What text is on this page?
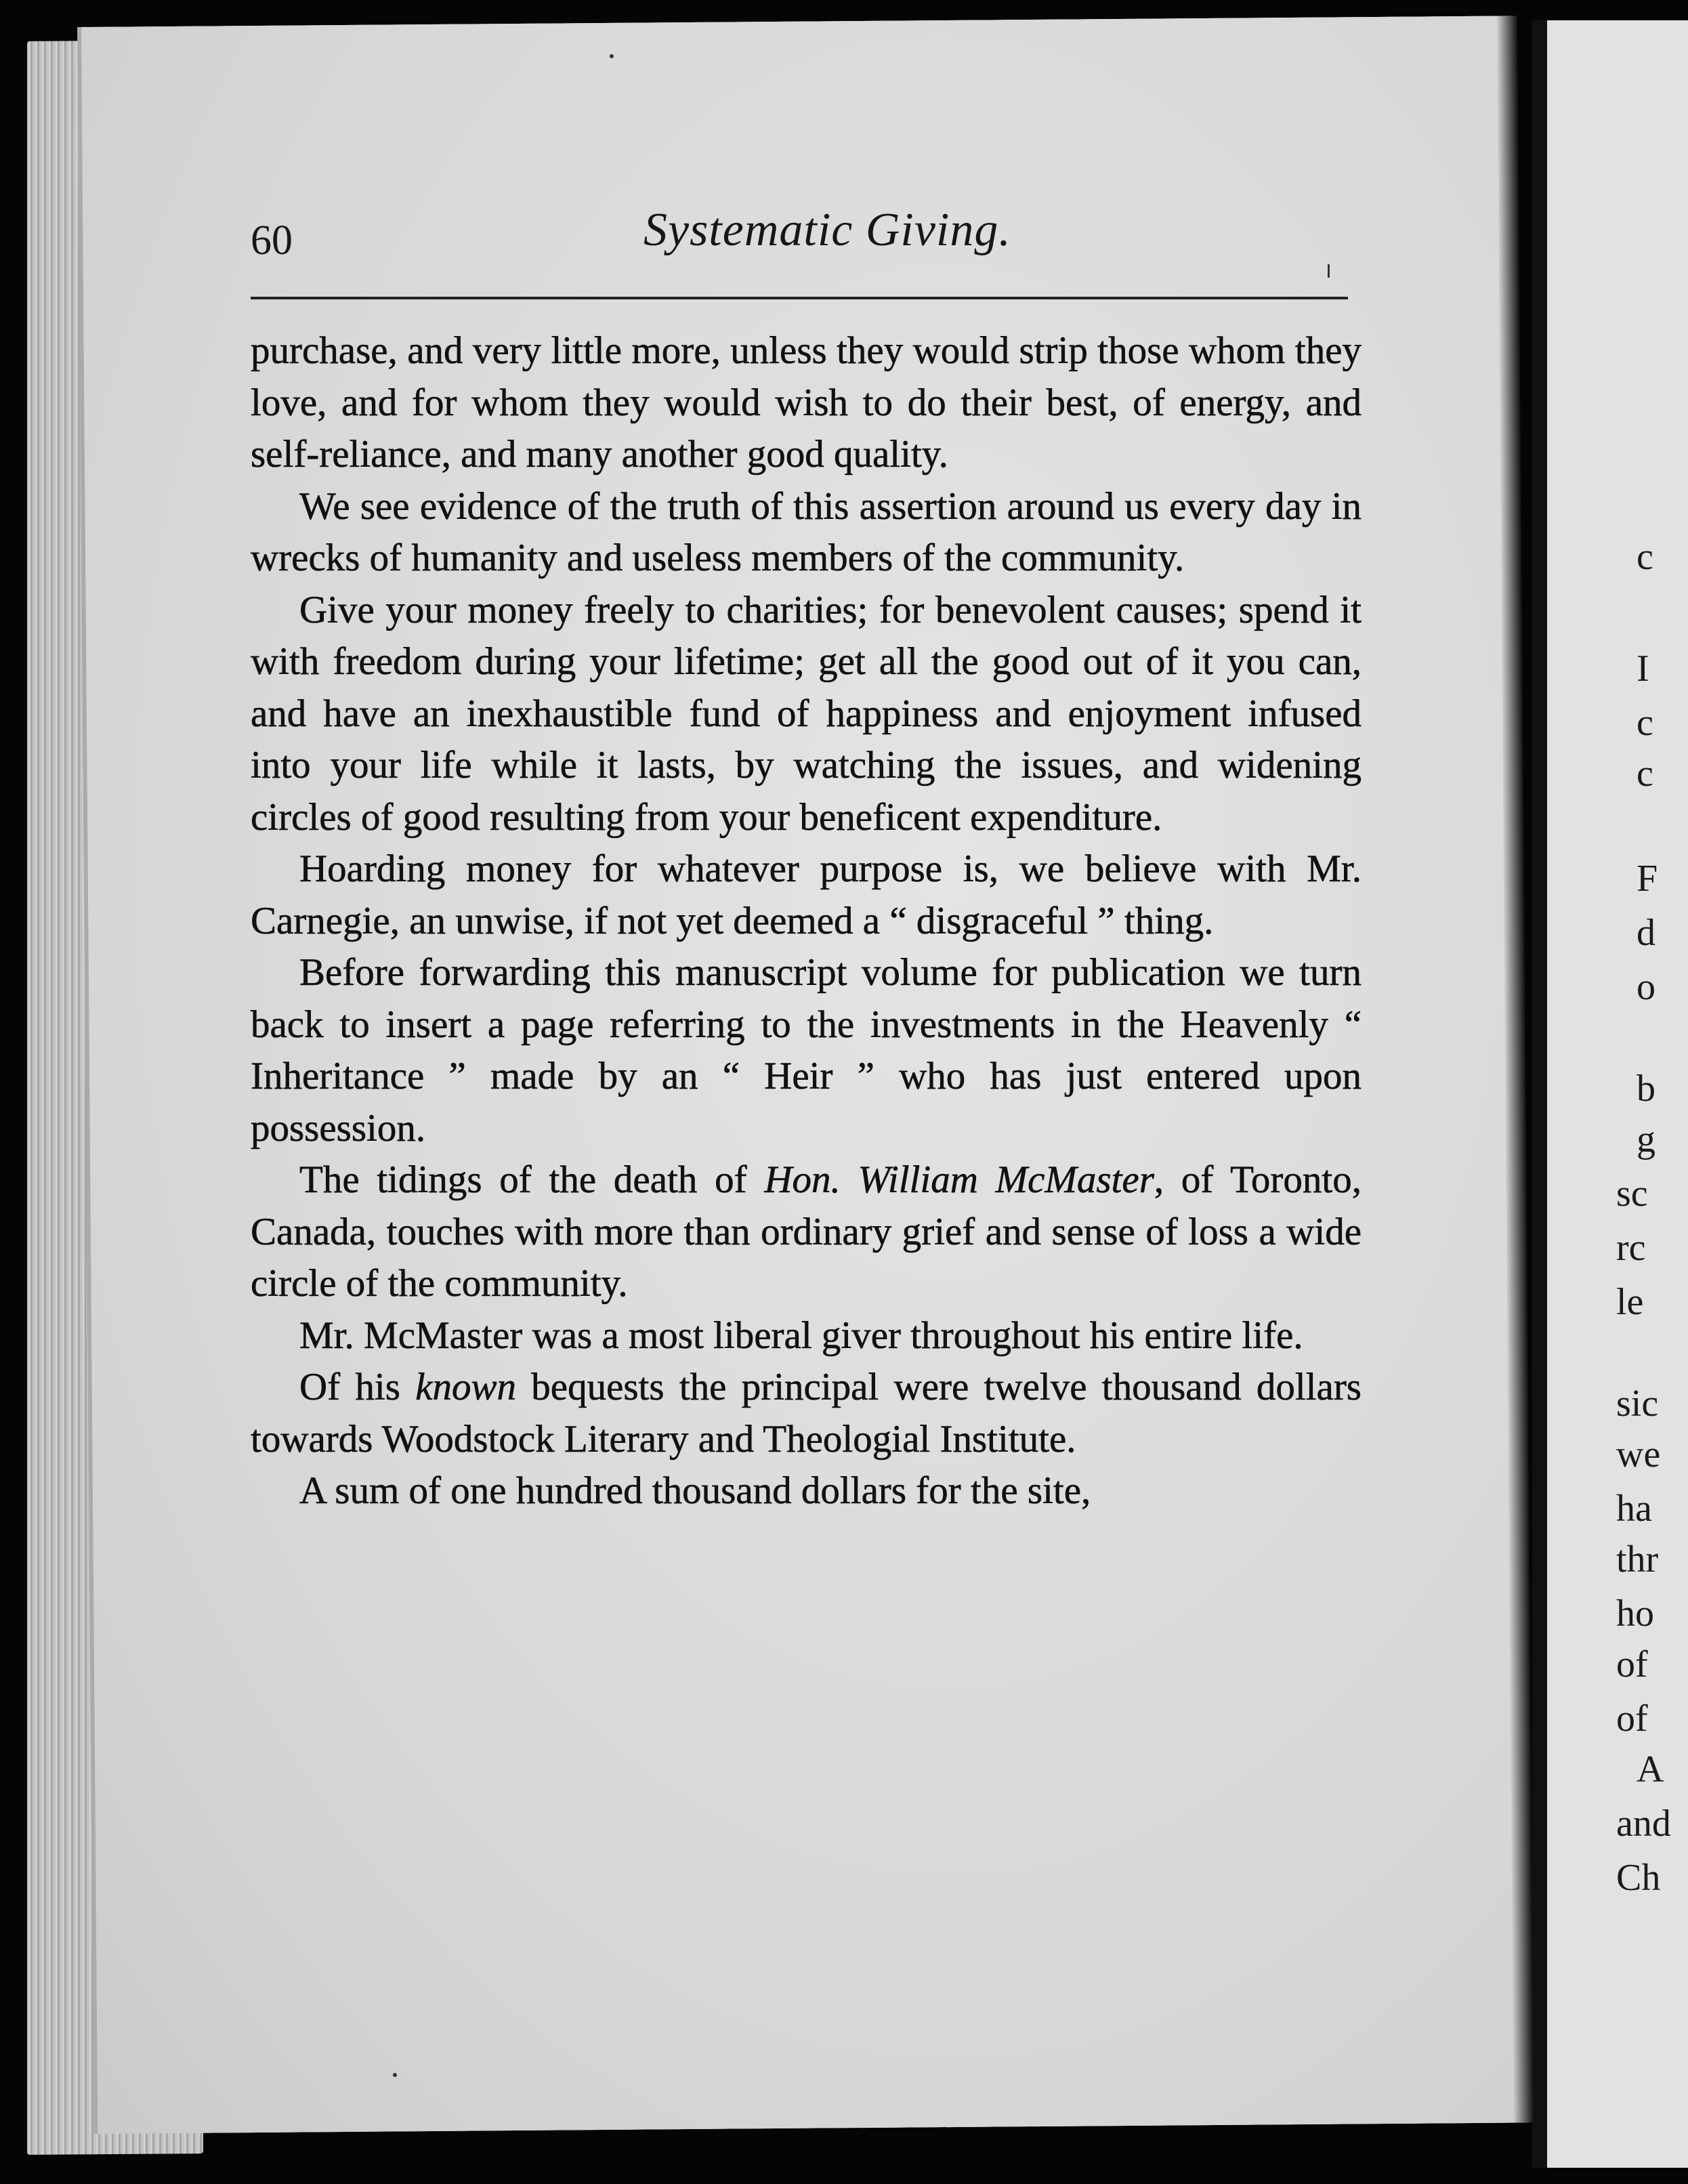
c
I
c
c
F
d
o
b
g
sc
rc
le
sic
we
ha
thr
ho
of
of
A
and
Ch
60	Systematic Giving.

purchase, and very little more, unless they would strip those whom they love, and for whom they would wish to do their best, of energy, and self-reliance, and many another good quality.

We see evidence of the truth of this assertion around us every day in wrecks of humanity and useless members of the community.

Give your money freely to charities; for benevolent causes; spend it with freedom during your lifetime; get all the good out of it you can, and have an inexhaustible fund of happiness and enjoyment infused into your life while it lasts, by watching the issues, and widening circles of good resulting from your beneficent expenditure.

Hoarding money for whatever purpose is, we believe with Mr. Carnegie, an unwise, if not yet deemed a “ disgraceful ” thing.

Before forwarding this manuscript volume for publication we turn back to insert a page referring to the investments in the Heavenly “ Inheritance ” made by an “ Heir ” who has just entered upon possession.

The tidings of the death of Hon. William McMaster, of Toronto, Canada, touches with more than ordinary grief and sense of loss a wide circle of the community.

Mr. McMaster was a most liberal giver throughout his entire life.

Of his known bequests the principal were twelve thousand dollars towards Woodstock Literary and Theologial Institute.

A sum of one hundred thousand dollars for the site,
